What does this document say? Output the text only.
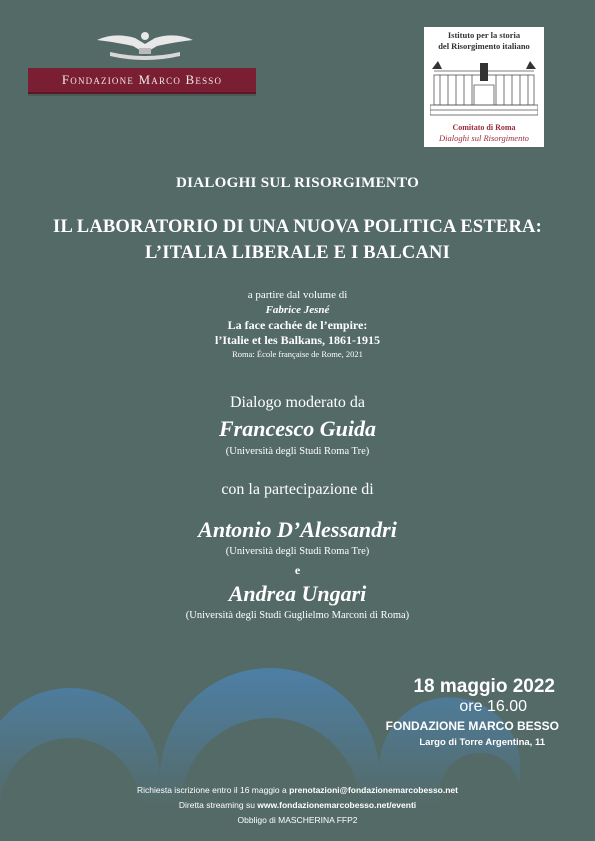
Fondazione Marco Besso
Istituto per la storia
del Risorgimento italiano
Comitato di Roma
Dialoghi sul Risorgimento
DIALOGHI SUL RISORGIMENTO
IL LABORATORIO DI UNA NUOVA POLITICA ESTERA:
L’ITALIA LIBERALE E I BALCANI
a partire dal volume di
Fabrice Jesné
La face cachée de l’empire:
l’Italie et les Balkans, 1861-1915
Roma: École française de Rome, 2021
Dialogo moderato da
Francesco Guida
(Università degli Studi Roma Tre)
con la partecipazione di
Antonio D’Alessandri
(Università degli Studi Roma Tre)
e
Andrea Ungari
(Università degli Studi Guglielmo Marconi di Roma)
18 maggio 2022
ore 16.00
FONDAZIONE MARCO BESSO
Largo di Torre Argentina, 11
Richiesta iscrizione entro il 16 maggio a prenotazioni@fondazionemarcobesso.net
Diretta streaming su www.fondazionemarcobesso.net/eventi
Obbligo di MASCHERINA FFP2
